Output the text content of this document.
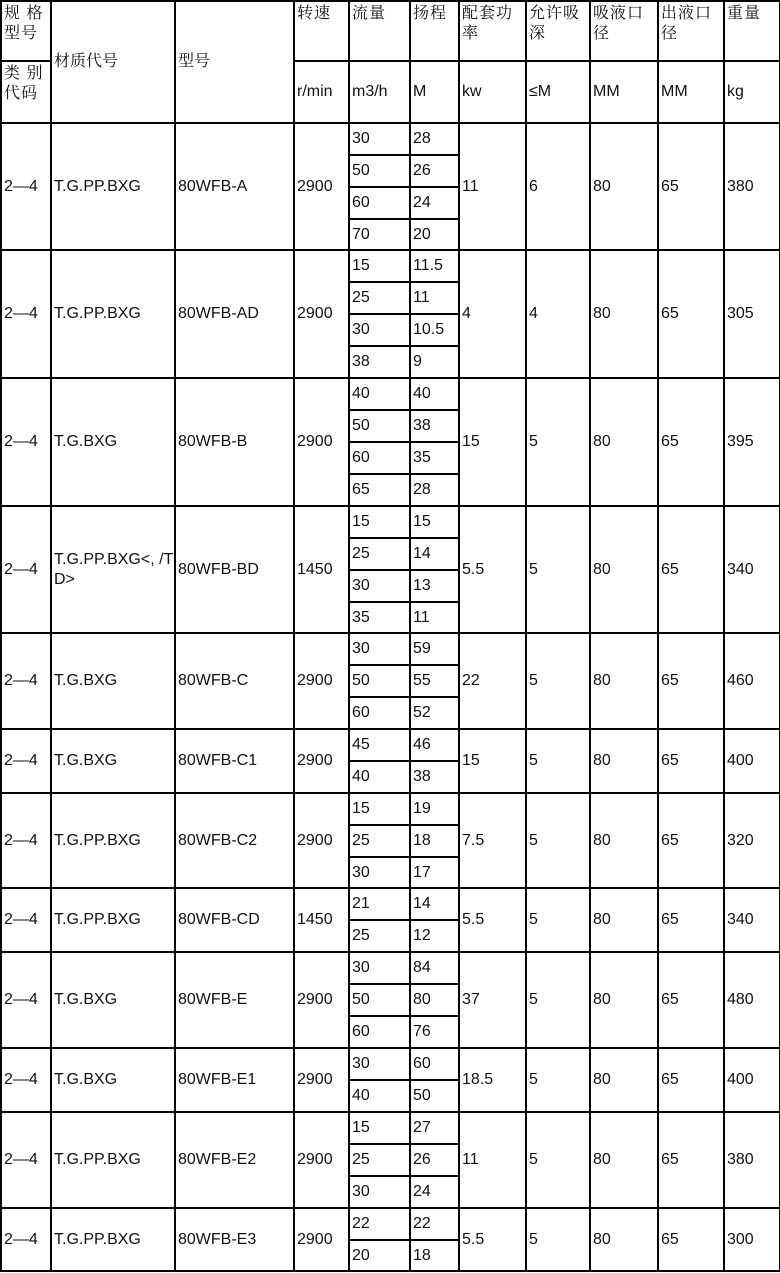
规 格
型号	材质代号	型号	转速	流量	扬程	配套功率	允许吸深	吸液口径	出液口径	重量

类 别
代码			r/min	m3/h	M	kw	≤M	MM	MM	kg
2—4	T.G.PP.BXG	80WFB-A	2900	30	28	11	6	80	65	380
				50	26					
				60	24					
				70	20					
2—4	T.G.PP.BXG	80WFB-AD	2900	15	11.5	4	4	80	65	305
				25	11					
				30	10.5					
				38	9					
2—4	T.G.BXG	80WFB-B	2900	40	40	15	5	80	65	395
				50	38					
				60	35					
				65	28					
2—4	T.G.PP.BXG<, /TD>	80WFB-BD	1450	15	15	5.5	5	80	65	340
				25	14					
				30	13					
				35	11					
2—4	T.G.BXG	80WFB-C	2900	30	59	22	5	80	65	460
				50	55					
				60	52					
2—4	T.G.BXG	80WFB-C1	2900	45	46	15	5	80	65	400
				40	38					
2—4	T.G.PP.BXG	80WFB-C2	2900	15	19	7.5	5	80	65	320
				25	18					
				30	17					
2—4	T.G.PP.BXG	80WFB-CD	1450	21	14	5.5	5	80	65	340
				25	12					
2—4	T.G.BXG	80WFB-E	2900	30	84	37	5	80	65	480
				50	80					
				60	76					
2—4	T.G.BXG	80WFB-E1	2900	30	60	18.5	5	80	65	400
				40	50					
2—4	T.G.PP.BXG	80WFB-E2	2900	15	27	11	5	80	65	380
				25	26					
				30	24					
2—4	T.G.PP.BXG	80WFB-E3	2900	22	22	5.5	5	80	65	300
				20	18					
